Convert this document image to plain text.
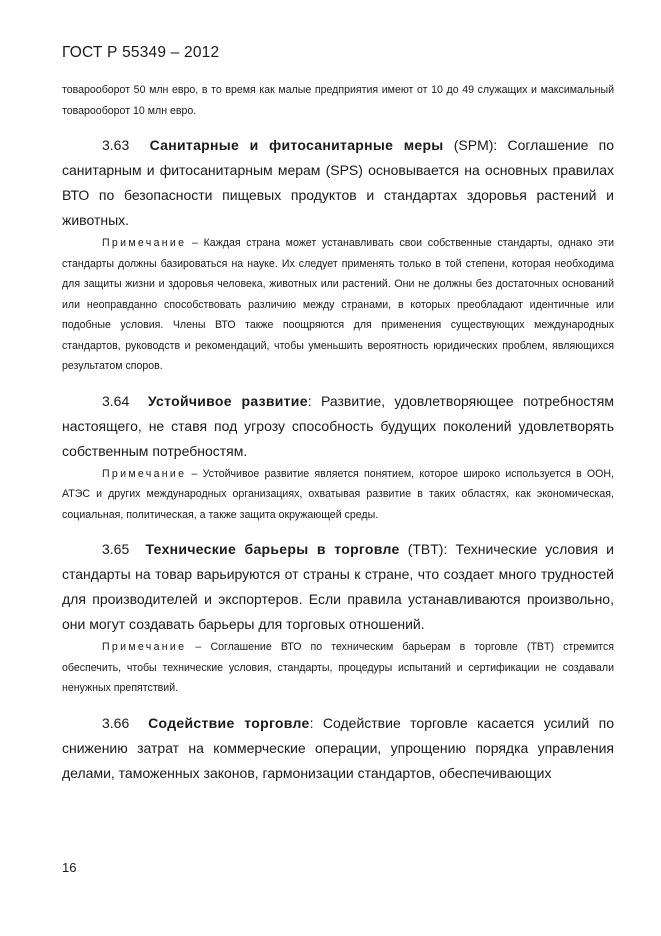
ГОСТ Р 55349 – 2012

товарооборот 50 млн евро, в то время как малые предприятия имеют от 10 до 49 служащих и максимальный товарооборот 10 млн евро.

3.63 Санитарные и фитосанитарные меры (SPM): Соглашение по санитарным и фитосанитарным мерам (SPS) основывается на основных правилах ВТО по безопасности пищевых продуктов и стандартах здоровья растений и животных.

Примечание – Каждая страна может устанавливать свои собственные стандарты, однако эти стандарты должны базироваться на науке. Их следует применять только в той степени, которая необходима для защиты жизни и здоровья человека, животных или растений. Они не должны без достаточных оснований или неоправданно способствовать различию между странами, в которых преобладают идентичные или подобные условия. Члены ВТО также поощряются для применения существующих международных стандартов, руководств и рекомендаций, чтобы уменьшить вероятность юридических проблем, являющихся результатом споров.

3.64 Устойчивое развитие: Развитие, удовлетворяющее потребностям настоящего, не ставя под угрозу способность будущих поколений удовлетворять собственным потребностям.

Примечание – Устойчивое развитие является понятием, которое широко используется в ООН, АТЭС и других международных организациях, охватывая развитие в таких областях, как экономическая, социальная, политическая, а также защита окружающей среды.

3.65 Технические барьеры в торговле (TBT): Технические условия и стандарты на товар варьируются от страны к стране, что создает много трудностей для производителей и экспортеров. Если правила устанавливаются произвольно, они могут создавать барьеры для торговых отношений.

Примечание – Соглашение ВТО по техническим барьерам в торговле (TBT) стремится обеспечить, чтобы технические условия, стандарты, процедуры испытаний и сертификации не создавали ненужных препятствий.

3.66 Содействие торговле: Содействие торговле касается усилий по снижению затрат на коммерческие операции, упрощению порядка управления делами, таможенных законов, гармонизации стандартов, обеспечивающих

16
